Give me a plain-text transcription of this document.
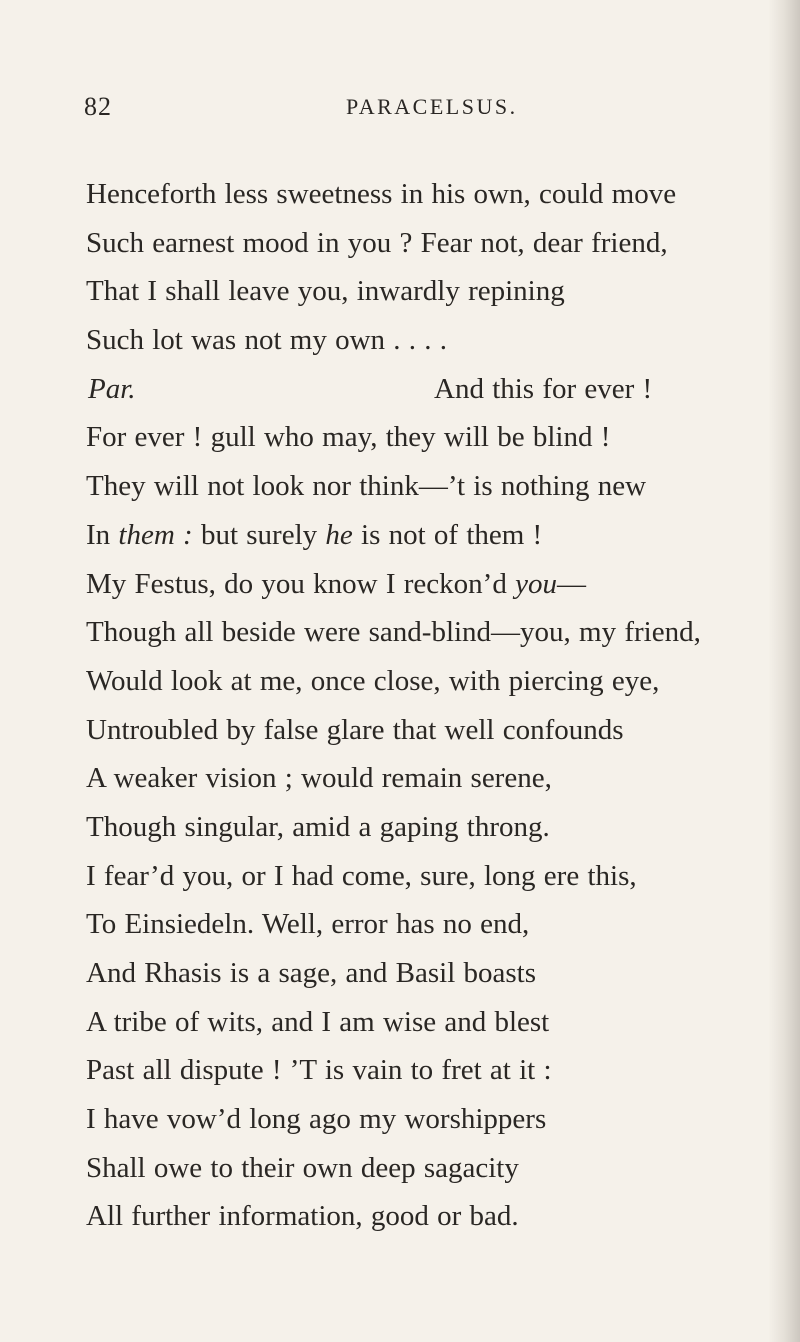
82	PARACELSUS.
Henceforth less sweetness in his own, could move
Such earnest mood in you ? Fear not, dear friend,
That I shall leave you, inwardly repining
Such lot was not my own . . . .
Par.	And this for ever !
For ever ! gull who may, they will be blind !
They will not look nor think—’t is nothing new
In them : but surely he is not of them !
My Festus, do you know I reckon’d you—
Though all beside were sand-blind—you, my friend,
Would look at me, once close, with piercing eye,
Untroubled by false glare that well confounds
A weaker vision ; would remain serene,
Though singular, amid a gaping throng.
I fear’d you, or I had come, sure, long ere this,
To Einsiedeln. Well, error has no end,
And Rhasis is a sage, and Basil boasts
A tribe of wits, and I am wise and blest
Past all dispute ! ’T is vain to fret at it :
I have vow’d long ago my worshippers
Shall owe to their own deep sagacity
All further information, good or bad.
